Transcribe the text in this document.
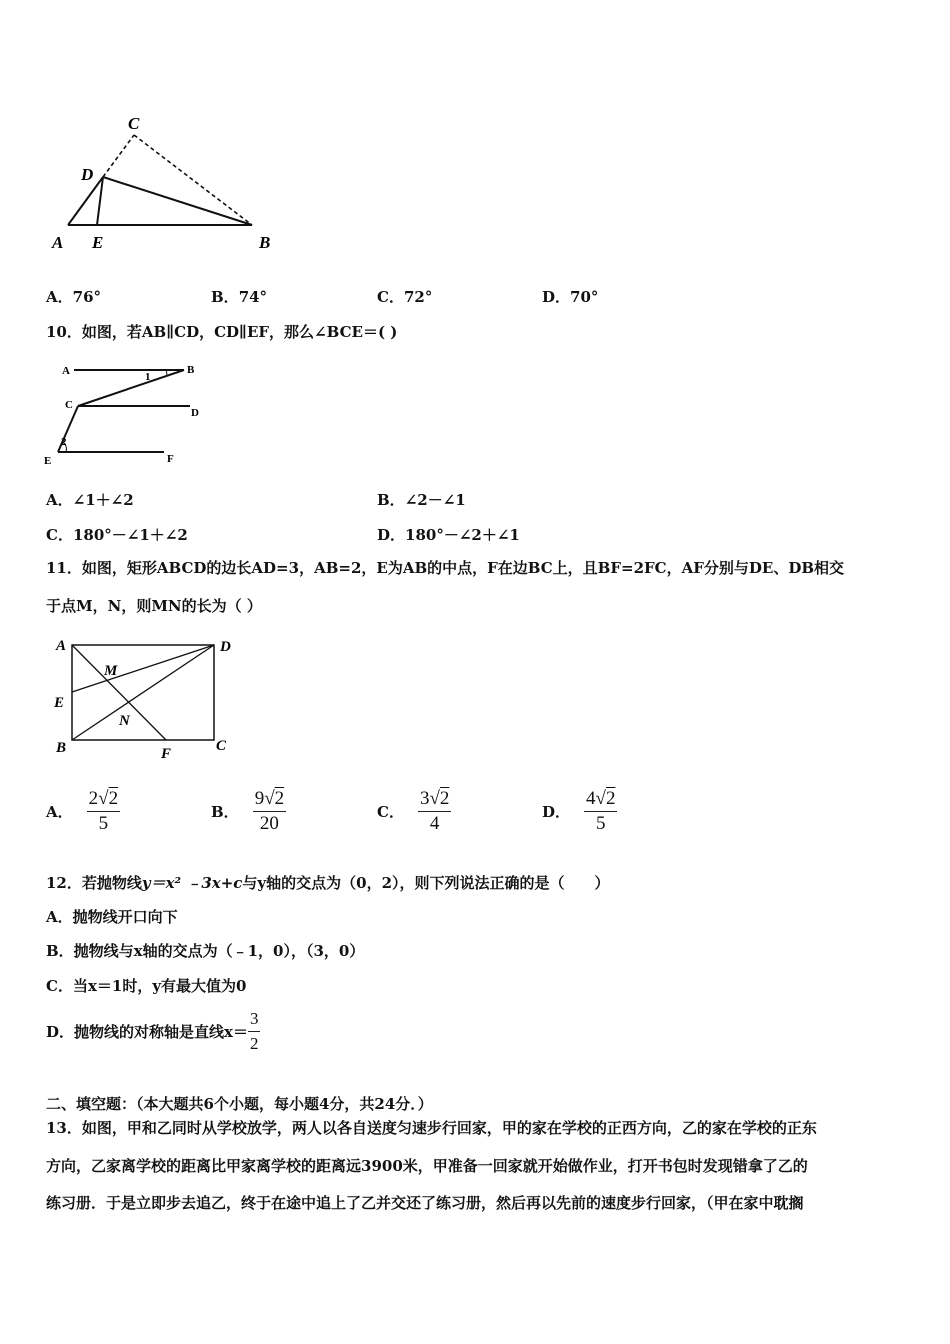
C
D
A E	B
A．76°	B．74°	C．72°	D．70°
10．如图，若AB∥CD，CD∥EF，那么∠BCE＝( )
A	B
C
D
E	F
1
2
A．∠1＋∠2	B．∠2－∠1
C．180°－∠1＋∠2	D．180°－∠2＋∠1
11．如图，矩形ABCD的边长AD=3，AB=2，E为AB的中点，F在边BC上，且BF=2FC，AF分别与DE、DB相交
于点M，N，则MN的长为（ ）
A	D
E
M
N
B	F	C
A． $\frac{2√2}{5}$	B． $\frac{9√2}{20}$	C． $\frac{3√2}{4}$	D． $\frac{4√2}{5}$
12．若抛物线y＝x² ﹣3x+c与y轴的交点为（0，2），则下列说法正确的是（　　）
A．抛物线开口向下
B．抛物线与x轴的交点为（﹣1，0），（3，0）
C．当x＝1时，y有最大值为0
D．抛物线的对称轴是直线$x= \frac{3}{2}$
二、填空题：（本大题共6个小题，每小题4分，共24分．）
13．如图，甲和乙同时从学校放学，两人以各自送度匀速步行回家，甲的家在学校的正西方向，乙的家在学校的正东
方向，乙家离学校的距离比甲家离学校的距离远3900米，甲准备一回家就开始做作业，打开书包时发现错拿了乙的
练习册．于是立即步去追乙，终于在途中追上了乙并交还了练习册，然后再以先前的速度步行回家，（甲在家中耽搁
